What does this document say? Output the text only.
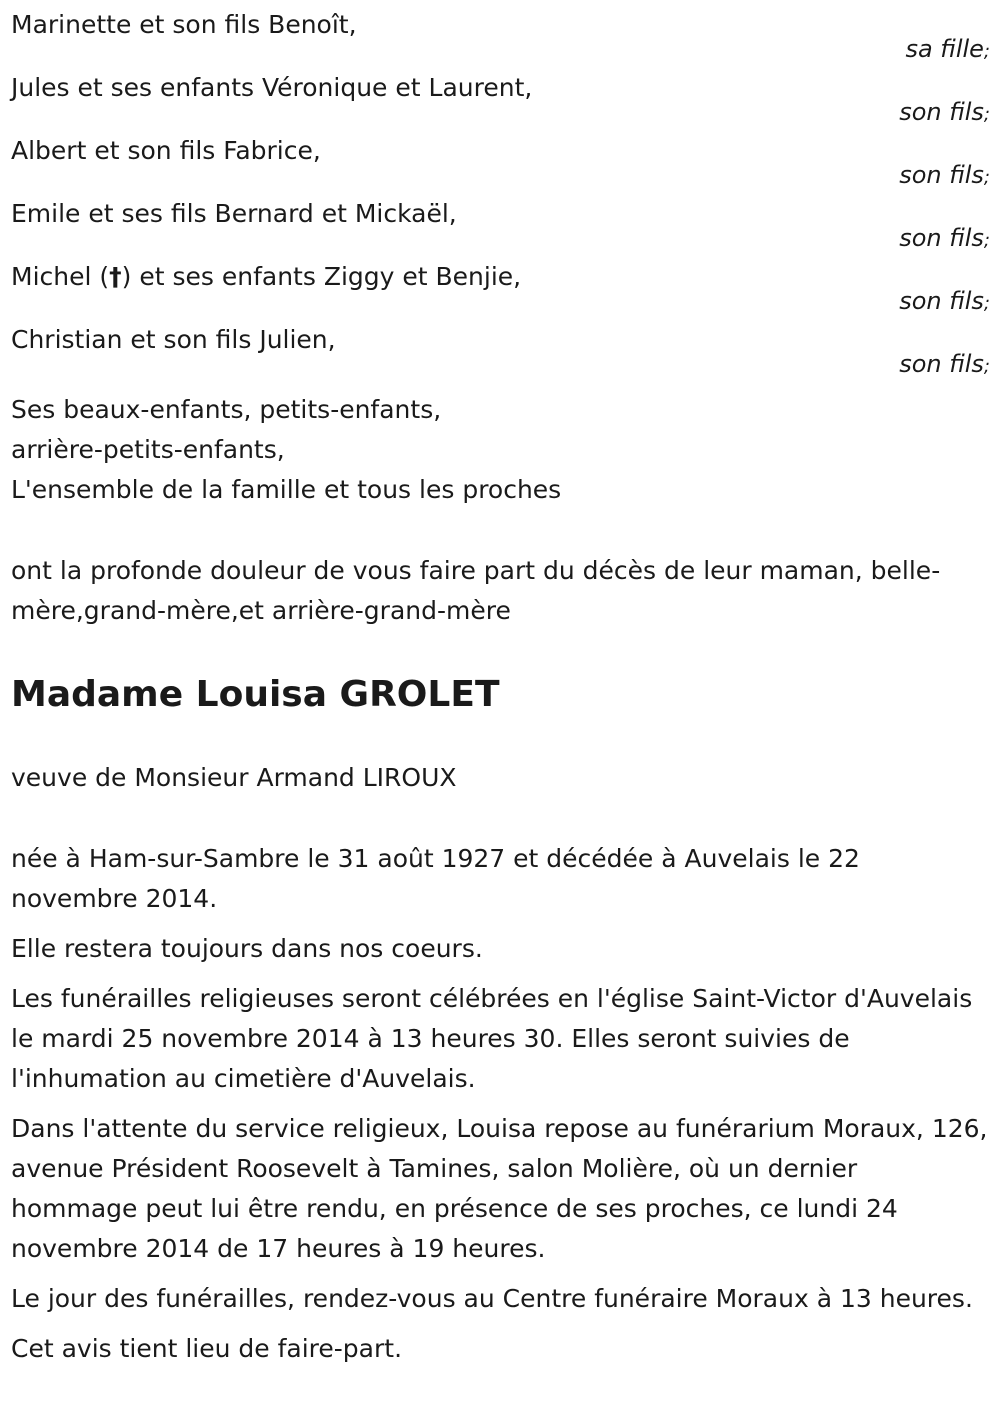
Marinette et son fils Benoît,
sa fille;
Jules et ses enfants Véronique et Laurent,
son fils;
Albert et son fils Fabrice,
son fils;
Emile et ses fils Bernard et Mickaël,
son fils;
Michel (†) et ses enfants Ziggy et Benjie,
son fils;
Christian et son fils Julien,
son fils;
Ses beaux-enfants, petits-enfants,
arrière-petits-enfants,
L'ensemble de la famille et tous les proches
ont la profonde douleur de vous faire part du décès de leur maman, belle-mère,grand-mère,et arrière-grand-mère
Madame Louisa GROLET
veuve de Monsieur Armand LIROUX
née à Ham-sur-Sambre le 31 août 1927 et décédée à Auvelais le 22 novembre 2014.
Elle restera toujours dans nos coeurs.
Les funérailles religieuses seront célébrées en l'église Saint-Victor d'Auvelais le mardi 25 novembre 2014 à 13 heures 30. Elles seront suivies de l'inhumation au cimetière d'Auvelais.
Dans l'attente du service religieux, Louisa repose au funérarium Moraux, 126, avenue Président Roosevelt à Tamines, salon Molière, où un dernier hommage peut lui être rendu, en présence de ses proches, ce lundi 24 novembre 2014 de 17 heures à 19 heures.
Le jour des funérailles, rendez-vous au Centre funéraire Moraux à 13 heures.
Cet avis tient lieu de faire-part.
